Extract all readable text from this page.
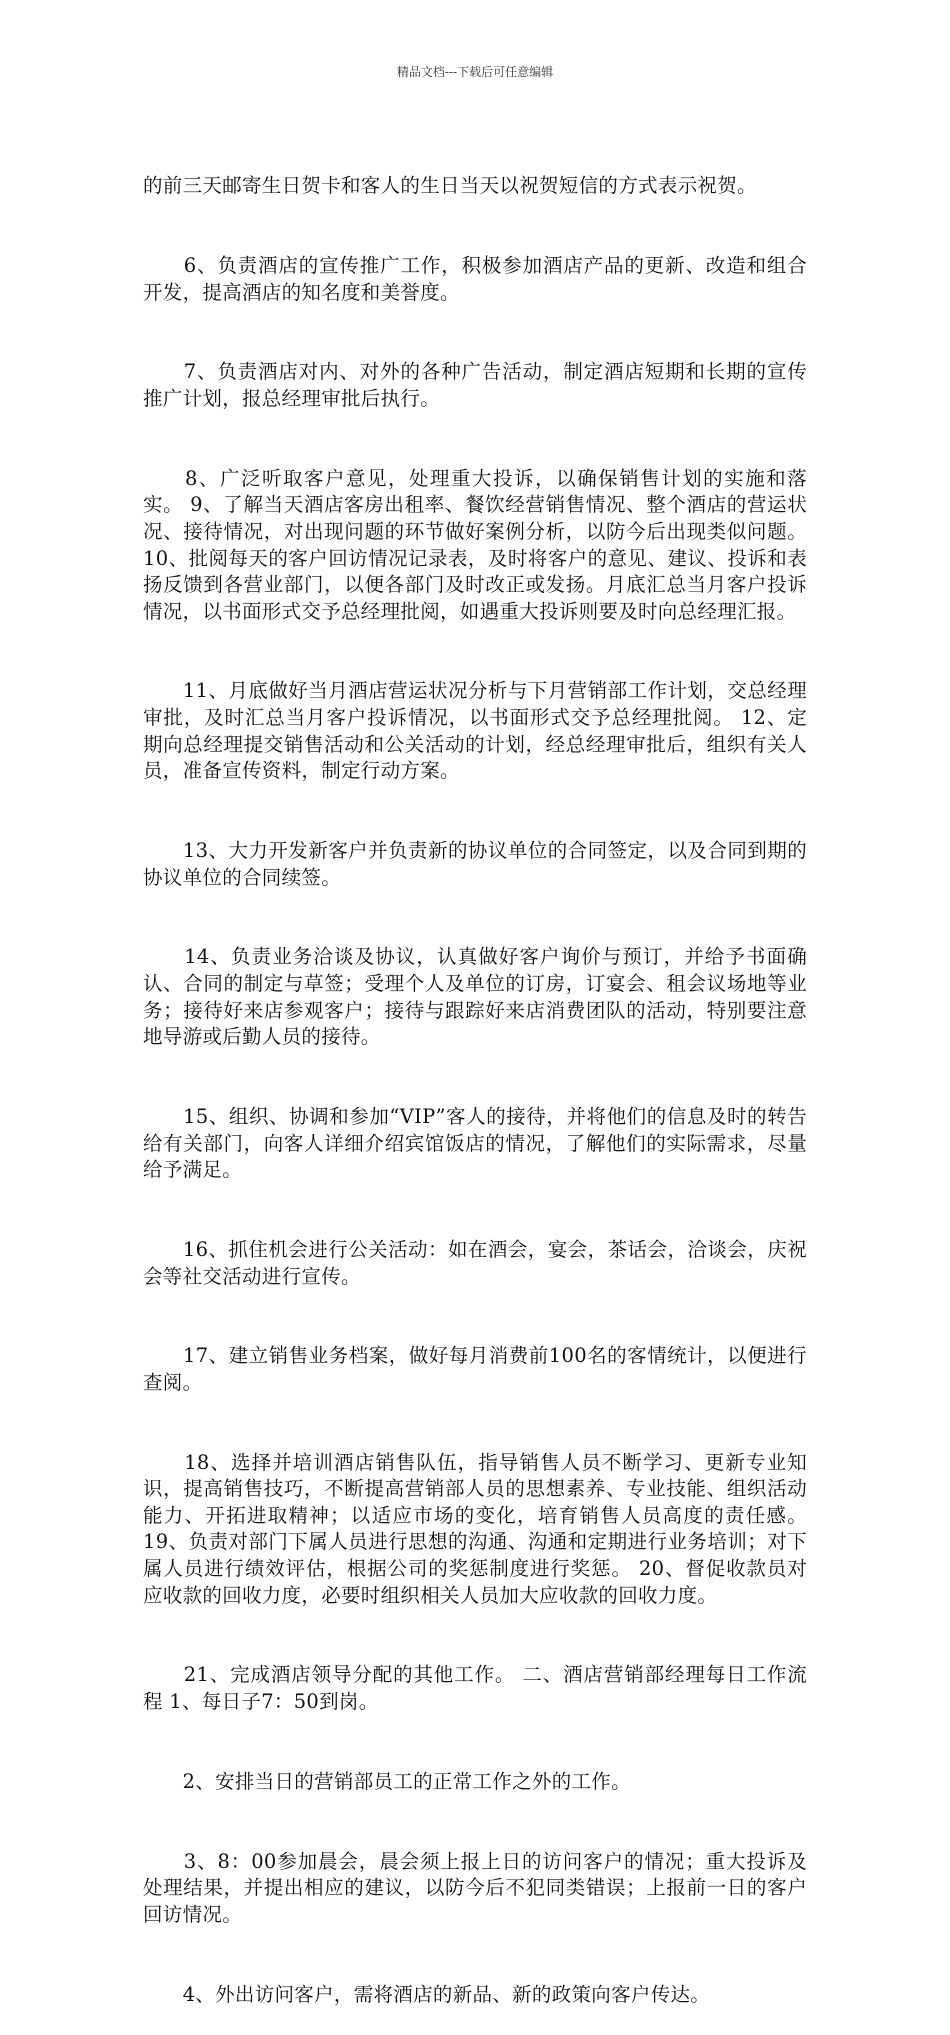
精品文档---下载后可任意编辑

的前三天邮寄生日贺卡和客人的生日当天以祝贺短信的方式表示祝贺。

　　6、负责酒店的宣传推广工作，积极参加酒店产品的更新、改造和组合开发，提高酒店的知名度和美誉度。

　　7、负责酒店对内、对外的各种广告活动，制定酒店短期和长期的宣传推广计划，报总经理审批后执行。

　　8、广泛听取客户意见，处理重大投诉，以确保销售计划的实施和落实。 9、了解当天酒店客房出租率、餐饮经营销售情况、整个酒店的营运状况、接待情况，对出现问题的环节做好案例分析，以防今后出现类似问题。 10、批阅每天的客户回访情况记录表，及时将客户的意见、建议、投诉和表扬反馈到各营业部门，以便各部门及时改正或发扬。月底汇总当月客户投诉情况，以书面形式交予总经理批阅，如遇重大投诉则要及时向总经理汇报。

　　11、月底做好当月酒店营运状况分析与下月营销部工作计划，交总经理审批，及时汇总当月客户投诉情况，以书面形式交予总经理批阅。 12、定期向总经理提交销售活动和公关活动的计划，经总经理审批后，组织有关人员，准备宣传资料，制定行动方案。

　　13、大力开发新客户并负责新的协议单位的合同签定，以及合同到期的协议单位的合同续签。

　　14、负责业务洽谈及协议，认真做好客户询价与预订，并给予书面确认、合同的制定与草签；受理个人及单位的订房，订宴会、租会议场地等业务；接待好来店参观客户；接待与跟踪好来店消费团队的活动，特别要注意地导游或后勤人员的接待。

　　15、组织、协调和参加“VIP”客人的接待，并将他们的信息及时的转告给有关部门，向客人详细介绍宾馆饭店的情况，了解他们的实际需求，尽量给予满足。

　　16、抓住机会进行公关活动：如在酒会，宴会，茶话会，洽谈会，庆祝会等社交活动进行宣传。

　　17、建立销售业务档案，做好每月消费前100名的客情统计，以便进行查阅。

　　18、选择并培训酒店销售队伍，指导销售人员不断学习、更新专业知识，提高销售技巧，不断提高营销部人员的思想素养、专业技能、组织活动能力、开拓进取精神；以适应市场的变化，培育销售人员高度的责任感。 19、负责对部门下属人员进行思想的沟通、沟通和定期进行业务培训；对下属人员进行绩效评估，根据公司的奖惩制度进行奖惩。 20、督促收款员对应收款的回收力度，必要时组织相关人员加大应收款的回收力度。

　　21、完成酒店领导分配的其他工作。 二、酒店营销部经理每日工作流程 1、每日子7：50到岗。

　　2、安排当日的营销部员工的正常工作之外的工作。

　　3、8：00参加晨会，晨会须上报上日的访问客户的情况；重大投诉及处理结果，并提出相应的建议，以防今后不犯同类错误；上报前一日的客户回访情况。

　　4、外出访问客户，需将酒店的新品、新的政策向客户传达。
